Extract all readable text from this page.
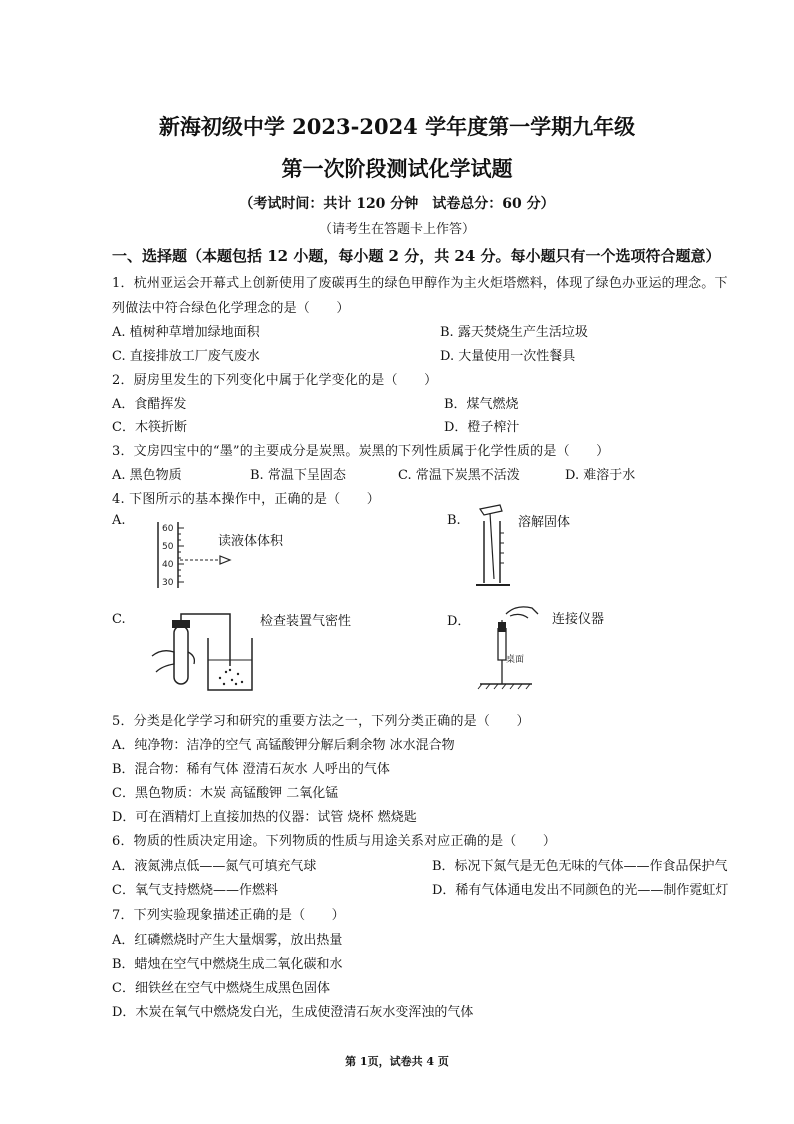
新海初级中学 2023-2024 学年度第一学期九年级
第一次阶段测试化学试题
（考试时间：共计 120 分钟　试卷总分：60 分）
（请考生在答题卡上作答）
一、选择题（本题包括 12 小题，每小题 2 分，共 24 分。每小题只有一个选项符合题意）
1．杭州亚运会开幕式上创新使用了废碳再生的绿色甲醇作为主火炬塔燃料，体现了绿色办亚运的理念。下
列做法中符合绿色化学理念的是（　　）
A. 植树种草增加绿地面积	B. 露天焚烧生产生活垃圾
C. 直接排放工厂废气废水	D. 大量使用一次性餐具
2．厨房里发生的下列变化中属于化学变化的是（　　）
A．食醋挥发	B．煤气燃烧
C．木筷折断	D．橙子榨汁
3．文房四宝中的“墨”的主要成分是炭黑。炭黑的下列性质属于化学性质的是（　　）
A. 黑色物质	B. 常温下呈固态	C. 常温下炭黑不活泼	D. 难溶于水
4. 下图所示的基本操作中，正确的是（　　）
A.
读液体体积
60
50
40
30
B.	溶解固体
C.	检查装置气密性	D．	连接仪器
桌面
5．分类是化学学习和研究的重要方法之一，下列分类正确的是（　　）
A．纯净物：洁净的空气 高锰酸钾分解后剩余物 冰水混合物
B．混合物：稀有气体 澄清石灰水 人呼出的气体
C．黑色物质：木炭 高锰酸钾 二氧化锰
D．可在酒精灯上直接加热的仪器：试管 烧杯 燃烧匙
6．物质的性质决定用途。下列物质的性质与用途关系对应正确的是（　　）
A．液氮沸点低——氮气可填充气球	B．标况下氮气是无色无味的气体——作食品保护气
C．氧气支持燃烧——作燃料	D．稀有气体通电发出不同颜色的光——制作霓虹灯
7．下列实验现象描述正确的是（　　）
A．红磷燃烧时产生大量烟雾，放出热量
B．蜡烛在空气中燃烧生成二氧化碳和水
C．细铁丝在空气中燃烧生成黑色固体
D．木炭在氧气中燃烧发白光，生成使澄清石灰水变浑浊的气体
第 1页，试卷共 4 页
